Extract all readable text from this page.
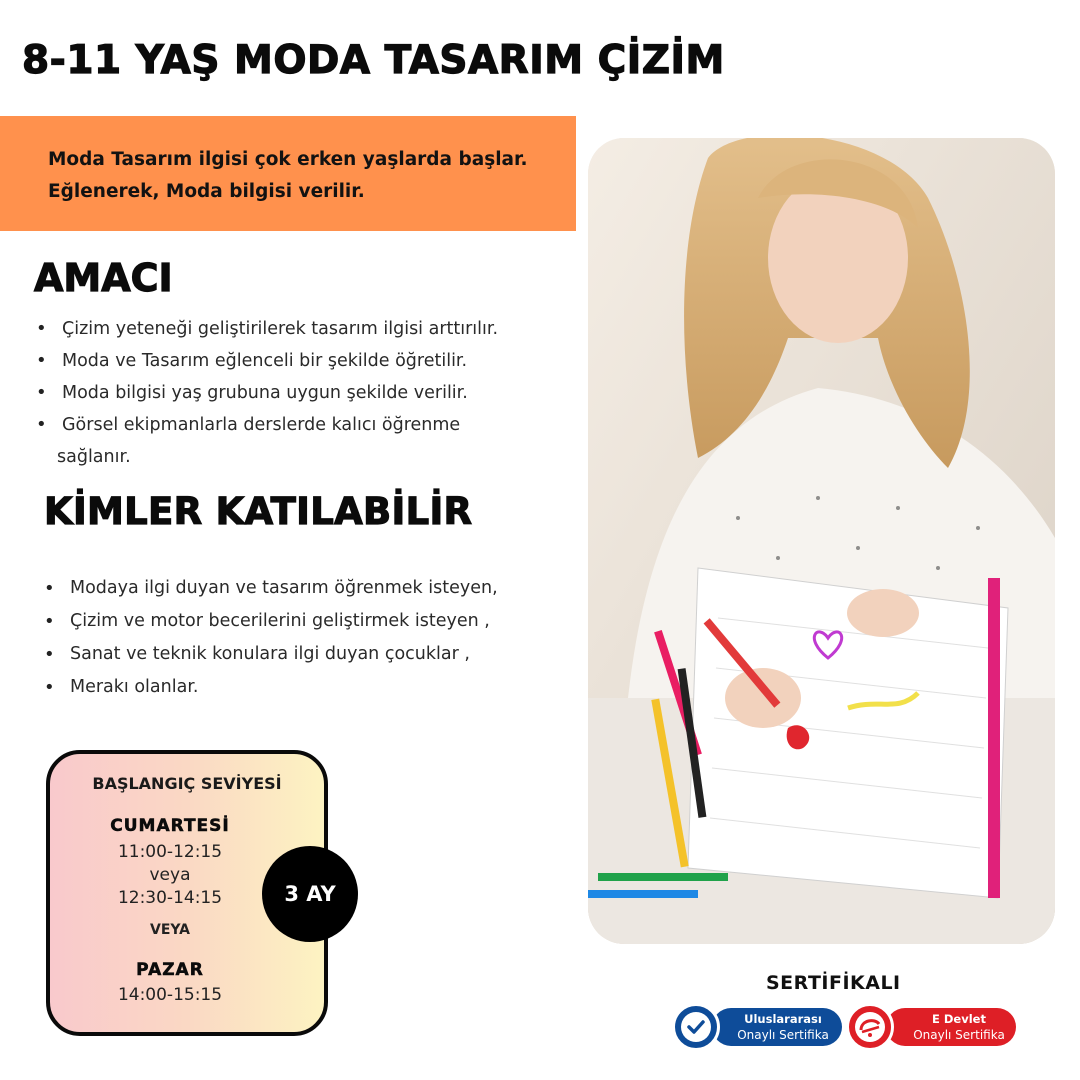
8-11 YAŞ MODA TASARIM ÇİZİM

Moda Tasarım ilgisi çok erken yaşlarda başlar.

Eğlenerek, Moda bilgisi verilir.

AMACI
• Çizim yeteneği geliştirilerek tasarım ilgisi arttırılır.
• Moda ve Tasarım eğlenceli bir şekilde öğretilir.
• Moda bilgisi yaş grubuna uygun şekilde verilir.
• Görsel ekipmanlarla derslerde kalıcı öğrenme
sağlanır.
KİMLER KATILABİLİR
• Modaya ilgi duyan ve tasarım öğrenmek isteyen,
• Çizim ve motor becerilerini geliştirmek isteyen ,
• Sanat ve teknik konulara ilgi duyan çocuklar ,
• Merakı olanlar.
BAŞLANGIÇ SEVİYESİ
CUMARTESİ
11:00-12:15
veya
12:30-14:15
VEYA
PAZAR
14:00-15:15
3 AY
SERTİFİKALI
Uluslararası
Onaylı Sertifika
E Devlet
Onaylı Sertifika
